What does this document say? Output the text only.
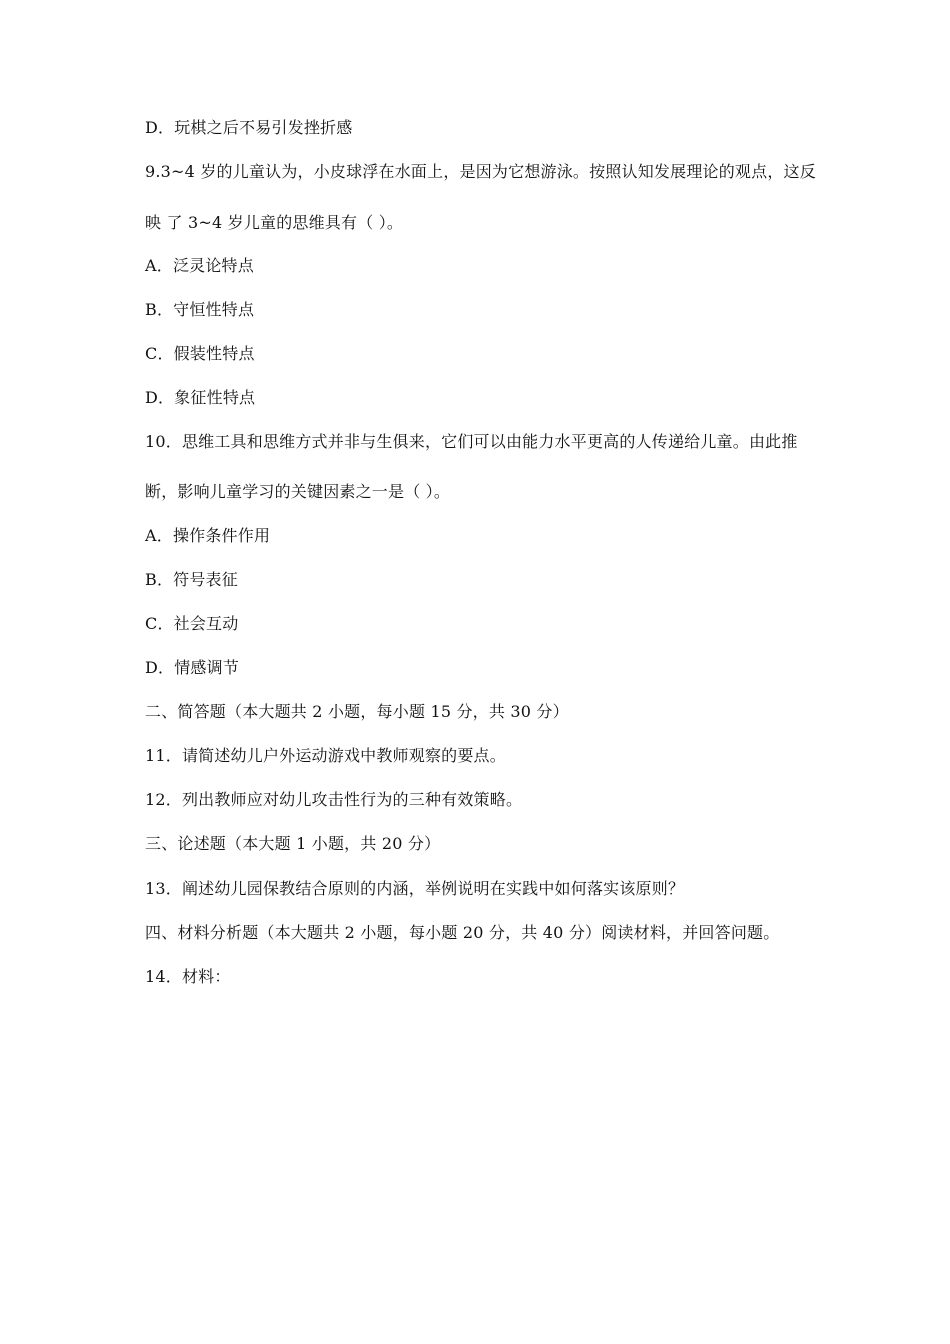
D．玩棋之后不易引发挫折感
9.3~4 岁的儿童认为，小皮球浮在水面上，是因为它想游泳。按照认知发展理论的观点，这反
映 了 3~4 岁儿童的思维具有（ ）。
A．泛灵论特点
B．守恒性特点
C．假装性特点
D．象征性特点
10．思维工具和思维方式并非与生俱来，它们可以由能力水平更高的人传递给儿童。由此推
断，影响儿童学习的关键因素之一是（ ）。
A．操作条件作用
B．符号表征
C．社会互动
D．情感调节
二、简答题（本大题共 2 小题，每小题 15 分，共 30 分）
11．请简述幼儿户外运动游戏中教师观察的要点。
12．列出教师应对幼儿攻击性行为的三种有效策略。
三、论述题（本大题 1 小题，共 20 分）
13．阐述幼儿园保教结合原则的内涵，举例说明在实践中如何落实该原则？
四、材料分析题（本大题共 2 小题，每小题 20 分，共 40 分）阅读材料，并回答问题。
14．材料：
